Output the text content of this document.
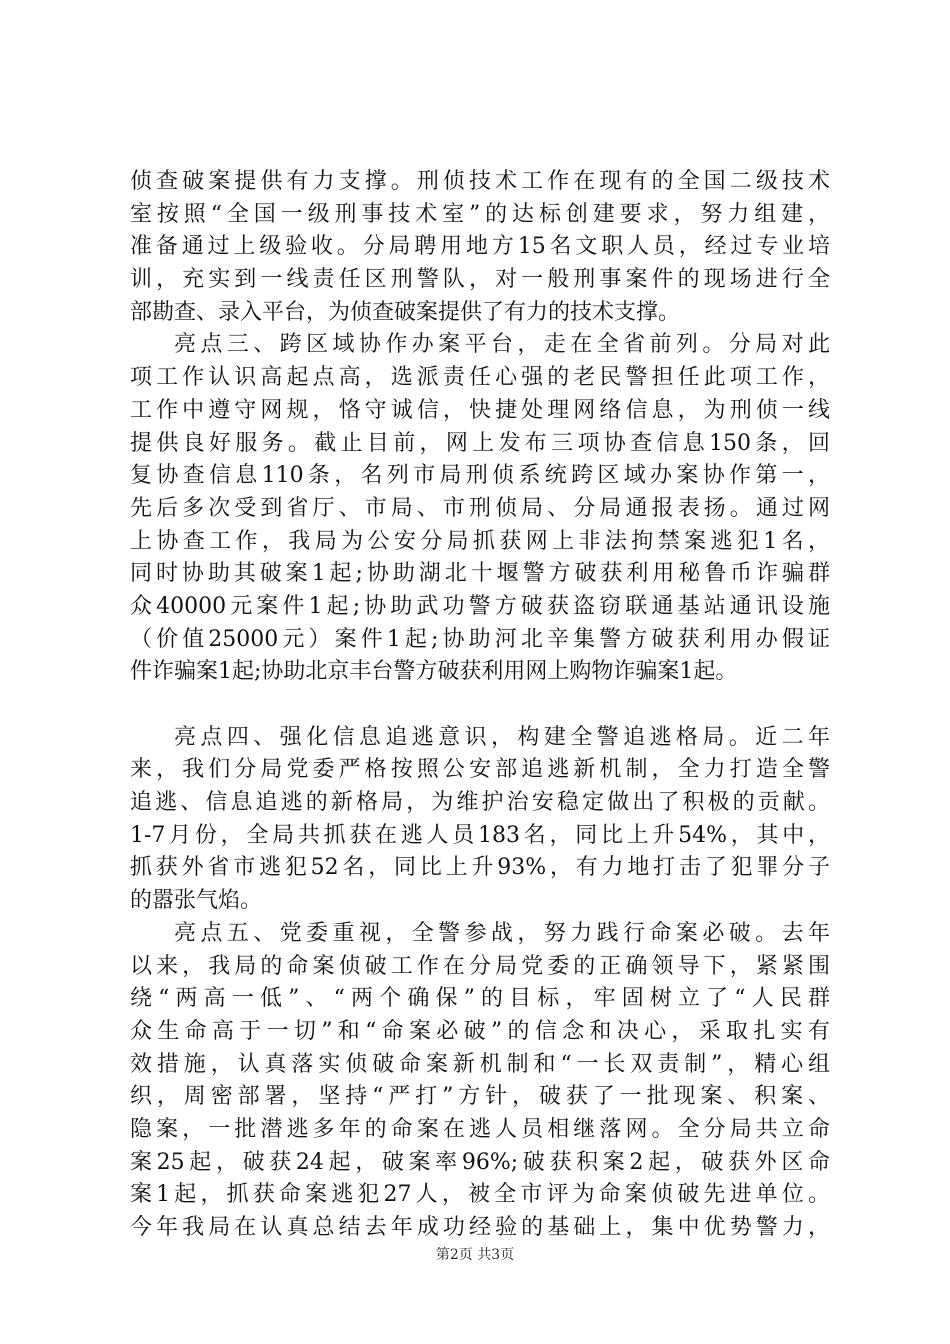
侦查破案提供有力支撑。刑侦技术工作在现有的全国二级技术
室按照“全国一级刑事技术室”的达标创建要求，努力组建，
准备通过上级验收。分局聘用地方15名文职人员，经过专业培
训，充实到一线责任区刑警队，对一般刑事案件的现场进行全
部勘查、录入平台，为侦查破案提供了有力的技术支撑。
亮点三、跨区域协作办案平台，走在全省前列。分局对此
项工作认识高起点高，选派责任心强的老民警担任此项工作，
工作中遵守网规，恪守诚信，快捷处理网络信息，为刑侦一线
提供良好服务。截止目前，网上发布三项协查信息150条，回
复协查信息110条，名列市局刑侦系统跨区域办案协作第一，
先后多次受到省厅、市局、市刑侦局、分局通报表扬。通过网
上协查工作，我局为公安分局抓获网上非法拘禁案逃犯1名，
同时协助其破案1起;协助湖北十堰警方破获利用秘鲁币诈骗群
众40000元案件1起;协助武功警方破获盗窃联通基站通讯设施
（价值25000元）案件1起;协助河北辛集警方破获利用办假证
件诈骗案1起;协助北京丰台警方破获利用网上购物诈骗案1起。
亮点四、强化信息追逃意识，构建全警追逃格局。近二年
来，我们分局党委严格按照公安部追逃新机制，全力打造全警
追逃、信息追逃的新格局，为维护治安稳定做出了积极的贡献。
1-7月份，全局共抓获在逃人员183名，同比上升54%，其中，
抓获外省市逃犯52名，同比上升93%，有力地打击了犯罪分子
的嚣张气焰。
亮点五、党委重视，全警参战，努力践行命案必破。去年
以来，我局的命案侦破工作在分局党委的正确领导下，紧紧围
绕“两高一低”、“两个确保”的目标，牢固树立了“人民群
众生命高于一切”和“命案必破”的信念和决心，采取扎实有
效措施，认真落实侦破命案新机制和“一长双责制”，精心组
织，周密部署，坚持“严打”方针，破获了一批现案、积案、
隐案，一批潜逃多年的命案在逃人员相继落网。全分局共立命
案25起，破获24起，破案率96%;破获积案2起，破获外区命
案1起，抓获命案逃犯27人，被全市评为命案侦破先进单位。
今年我局在认真总结去年成功经验的基础上，集中优势警力，
第2页 共3页
